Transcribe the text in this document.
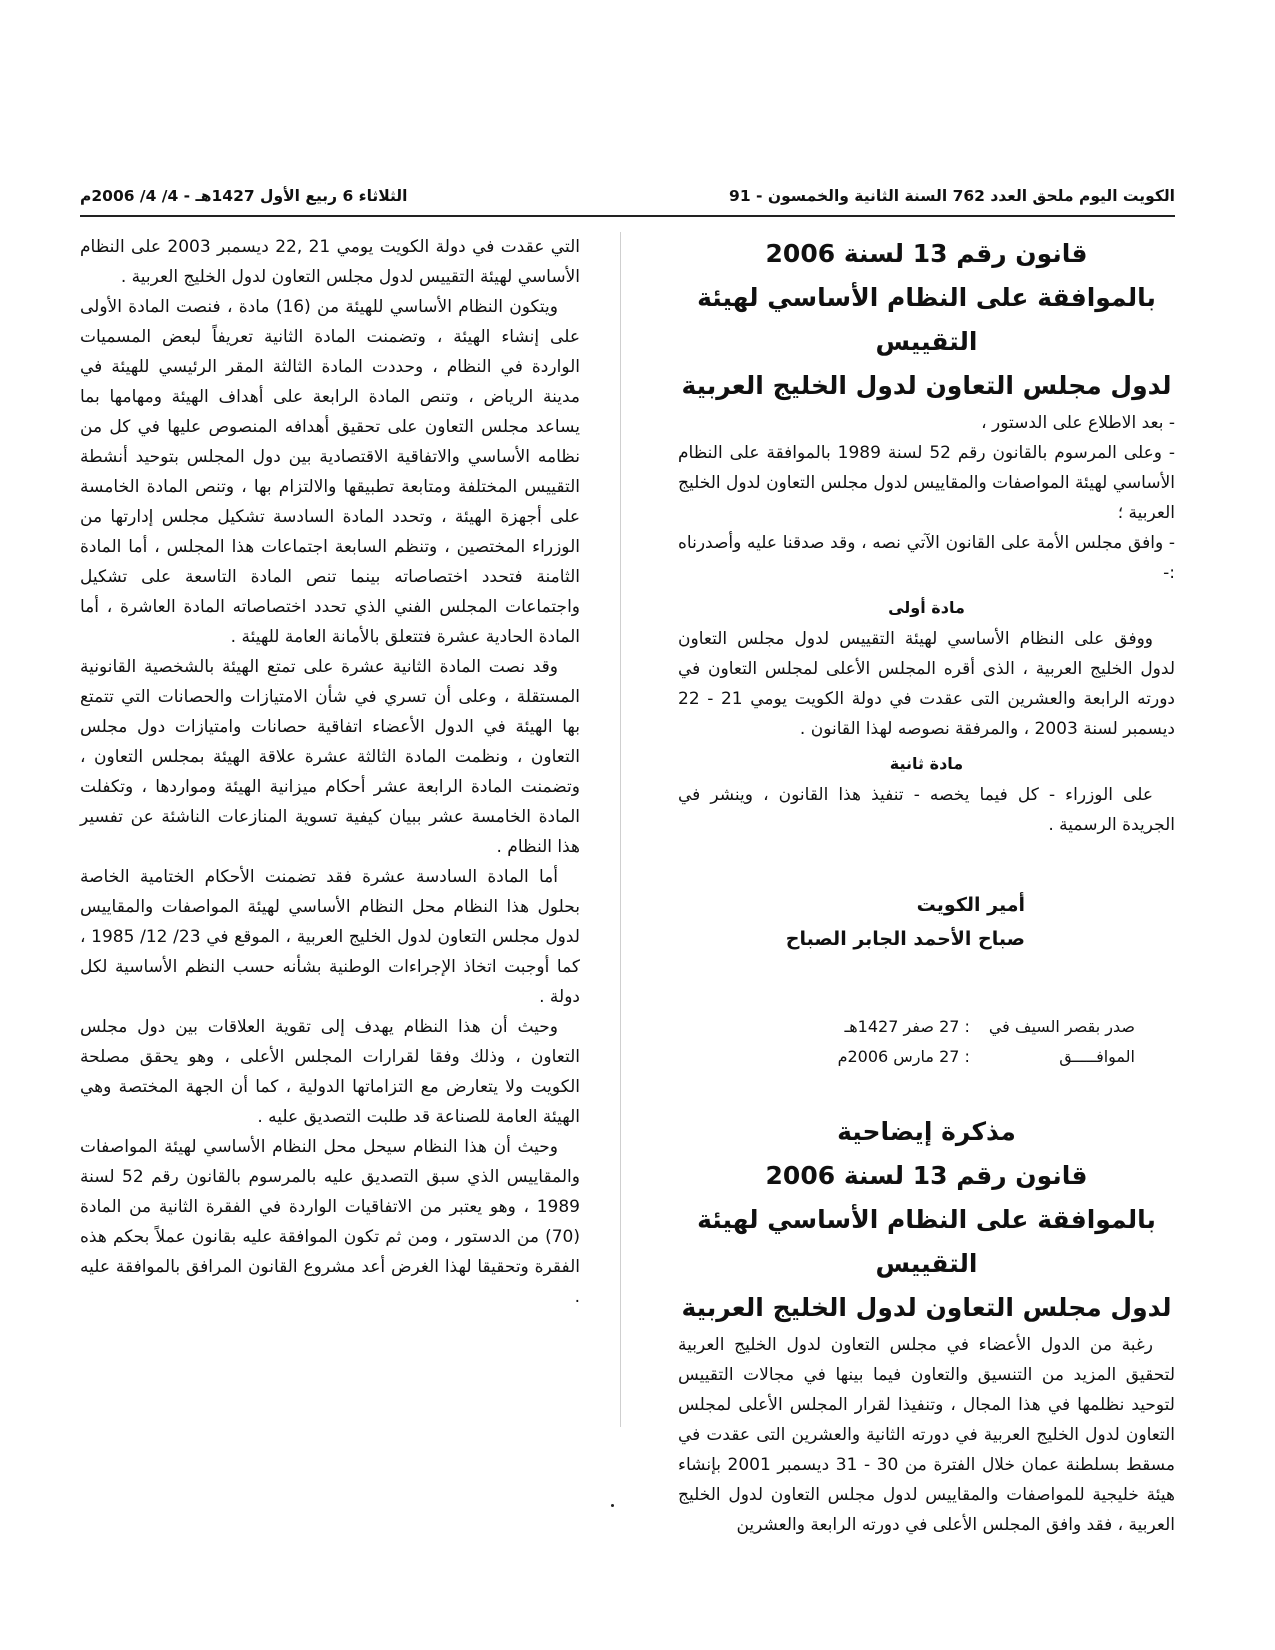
الكويت اليوم ملحق العدد 762 السنة الثانية والخمسون - 91
الثلاثاء 6 ربيع الأول 1427هـ - 4/ 4/ 2006م
قانون رقم 13 لسنة 2006
بالموافقة على النظام الأساسي لهيئة التقييس
لدول مجلس التعاون لدول الخليج العربية

- بعد الاطلاع على الدستور ،

- وعلى المرسوم بالقانون رقم 52 لسنة 1989 بالموافقة على النظام الأساسي لهيئة المواصفات والمقاييس لدول مجلس التعاون لدول الخليج العربية ؛

- وافق مجلس الأمة على القانون الآتي نصه ، وقد صدقنا عليه وأصدرناه :-

مادة أولى

ووفق على النظام الأساسي لهيئة التقييس لدول مجلس التعاون لدول الخليج العربية ، الذى أقره المجلس الأعلى لمجلس التعاون في دورته الرابعة والعشرين التى عقدت في دولة الكويت يومي 21 - 22 ديسمبر لسنة 2003 ، والمرفقة نصوصه لهذا القانون .

مادة ثانية

على الوزراء - كل فيما يخصه - تنفيذ هذا القانون ، وينشر في الجريدة الرسمية .

أمير الكويت
صباح الأحمد الجابر الصباح
صدر بقصر السيف في : 27 صفر 1427هـ
الموافـــــق : 27 مارس 2006م
مذكرة إيضاحية
قانون رقم 13 لسنة 2006
بالموافقة على النظام الأساسي لهيئة التقييس
لدول مجلس التعاون لدول الخليج العربية

رغبة من الدول الأعضاء في مجلس التعاون لدول الخليج العربية لتحقيق المزيد من التنسيق والتعاون فيما بينها في مجالات التقييس لتوحيد نظلمها في هذا المجال ، وتنفيذا لقرار المجلس الأعلى لمجلس التعاون لدول الخليج العربية في دورته الثانية والعشرين التى عقدت في مسقط بسلطنة عمان خلال الفترة من 30 - 31 ديسمبر 2001 بإنشاء هيئة خليجية للمواصفات والمقاييس لدول مجلس التعاون لدول الخليج العربية ، فقد وافق المجلس الأعلى في دورته الرابعة والعشرين

التي عقدت في دولة الكويت يومي 21 ,22 ديسمبر 2003 على النظام الأساسي لهيئة التقييس لدول مجلس التعاون لدول الخليج العربية .

ويتكون النظام الأساسي للهيئة من (16) مادة ، فنصت المادة الأولى على إنشاء الهيئة ، وتضمنت المادة الثانية تعريفاً لبعض المسميات الواردة في النظام ، وحددت المادة الثالثة المقر الرئيسي للهيئة في مدينة الرياض ، وتنص المادة الرابعة على أهداف الهيئة ومهامها بما يساعد مجلس التعاون على تحقيق أهدافه المنصوص عليها في كل من نظامه الأساسي والاتفاقية الاقتصادية بين دول المجلس بتوحيد أنشطة التقييس المختلفة ومتابعة تطبيقها والالتزام بها ، وتنص المادة الخامسة على أجهزة الهيئة ، وتحدد المادة السادسة تشكيل مجلس إدارتها من الوزراء المختصين ، وتنظم السابعة اجتماعات هذا المجلس ، أما المادة الثامنة فتحدد اختصاصاته بينما تنص المادة التاسعة على تشكيل واجتماعات المجلس الفني الذي تحدد اختصاصاته المادة العاشرة ، أما المادة الحادية عشرة فتتعلق بالأمانة العامة للهيئة .

وقد نصت المادة الثانية عشرة على تمتع الهيئة بالشخصية القانونية المستقلة ، وعلى أن تسري في شأن الامتيازات والحصانات التي تتمتع بها الهيئة في الدول الأعضاء اتفاقية حصانات وامتيازات دول مجلس التعاون ، ونظمت المادة الثالثة عشرة علاقة الهيئة بمجلس التعاون ، وتضمنت المادة الرابعة عشر أحكام ميزانية الهيئة ومواردها ، وتكفلت المادة الخامسة عشر ببيان كيفية تسوية المنازعات الناشئة عن تفسير هذا النظام .

أما المادة السادسة عشرة فقد تضمنت الأحكام الختامية الخاصة بحلول هذا النظام محل النظام الأساسي لهيئة المواصفات والمقاييس لدول مجلس التعاون لدول الخليج العربية ، الموقع في 23/ 12/ 1985 ، كما أوجبت اتخاذ الإجراءات الوطنية بشأنه حسب النظم الأساسية لكل دولة .

وحيث أن هذا النظام يهدف إلى تقوية العلاقات بين دول مجلس التعاون ، وذلك وفقا لقرارات المجلس الأعلى ، وهو يحقق مصلحة الكويت ولا يتعارض مع التزاماتها الدولية ، كما أن الجهة المختصة وهي الهيئة العامة للصناعة قد طلبت التصديق عليه .

وحيث أن هذا النظام سيحل محل النظام الأساسي لهيئة المواصفات والمقاييس الذي سبق التصديق عليه بالمرسوم بالقانون رقم 52 لسنة 1989 ، وهو يعتبر من الاتفاقيات الواردة في الفقرة الثانية من المادة (70) من الدستور ، ومن ثم تكون الموافقة عليه بقانون عملاً بحكم هذه الفقرة وتحقيقا لهذا الغرض أعد مشروع القانون المرافق بالموافقة عليه .
